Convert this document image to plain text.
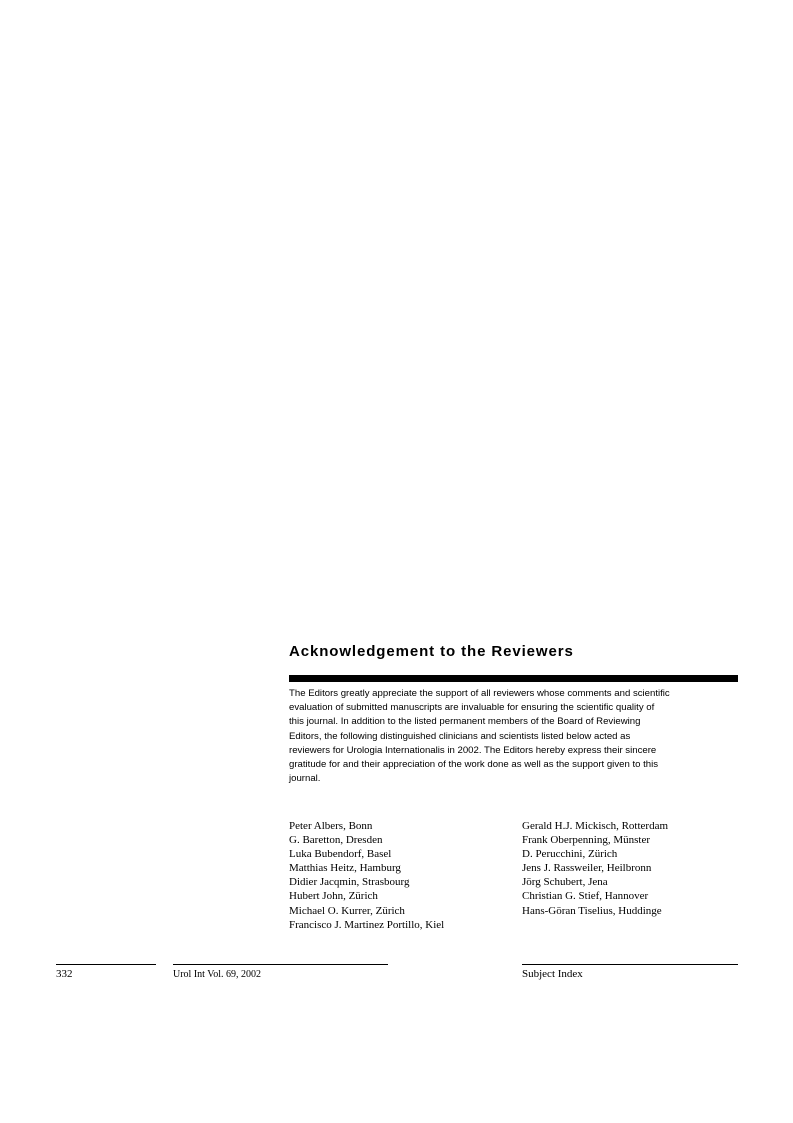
Acknowledgement to the Reviewers

The Editors greatly appreciate the support of all reviewers whose comments and scientific
evaluation of submitted manuscripts are invaluable for ensuring the scientific quality of
this journal. In addition to the listed permanent members of the Board of Reviewing
Editors, the following distinguished clinicians and scientists listed below acted as
reviewers for Urologia Internationalis in 2002. The Editors hereby express their sincere
gratitude for and their appreciation of the work done as well as the support given to this
journal.

Peter Albers, Bonn
G. Baretton, Dresden
Luka Bubendorf, Basel
Matthias Heitz, Hamburg
Didier Jacqmin, Strasbourg
Hubert John, Zürich
Michael O. Kurrer, Zürich
Francisco J. Martinez Portillo, Kiel
Gerald H.J. Mickisch, Rotterdam
Frank Oberpenning, Münster
D. Perucchini, Zürich
Jens J. Rassweiler, Heilbronn
Jörg Schubert, Jena
Christian G. Stief, Hannover
Hans-Göran Tiselius, Huddinge

332	Urol Int Vol. 69, 2002	Subject Index
